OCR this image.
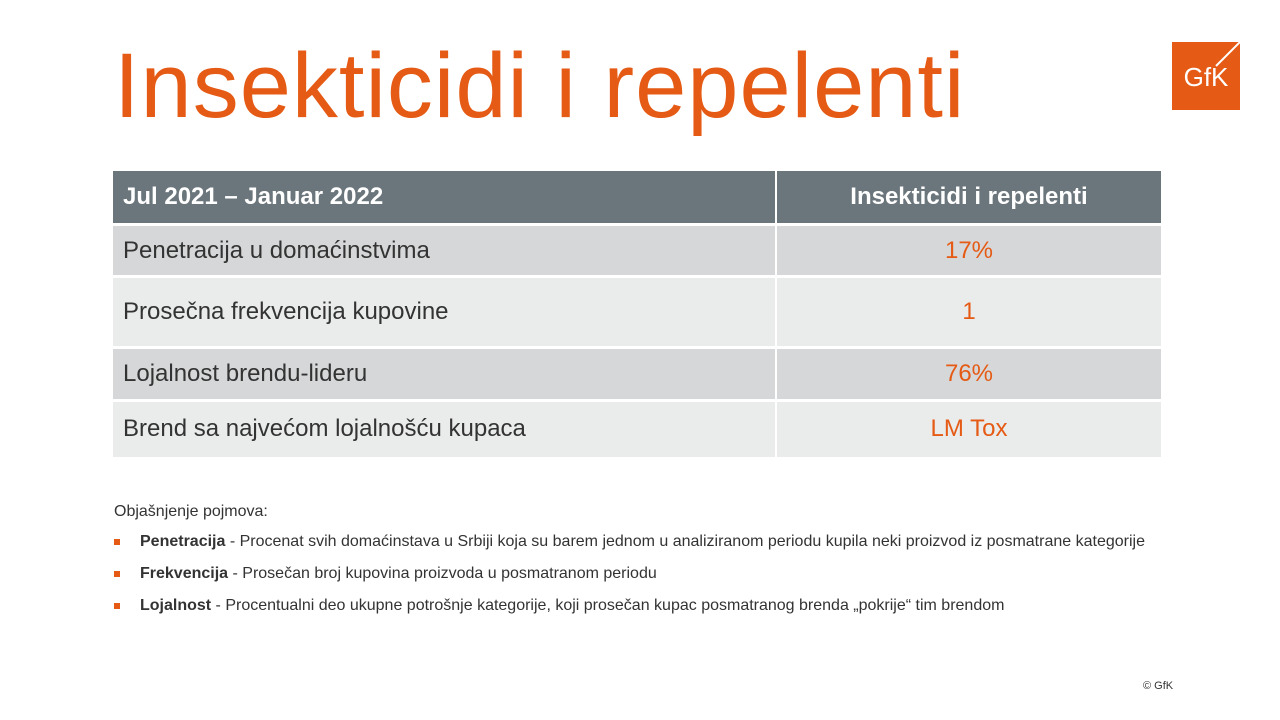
Insekticidi i repelenti	GfK
Jul 2021 – Januar 2022	Insekticidi i repelenti
Penetracija u domaćinstvima	17%
Prosečna frekvencija kupovine	1
Lojalnost brendu-lideru	76%
Brend sa najvećom lojalnošću kupaca	LM Tox
Objašnjenje pojmova:
Penetracija - Procenat svih domaćinstava u Srbiji koja su barem jednom u analiziranom periodu kupila neki proizvod iz posmatrane kategorije
Frekvencija - Prosečan broj kupovina proizvoda u posmatranom periodu
Lojalnost - Procentualni deo ukupne potrošnje kategorije, koji prosečan kupac posmatranog brenda „pokrije“ tim brendom
© GfK
